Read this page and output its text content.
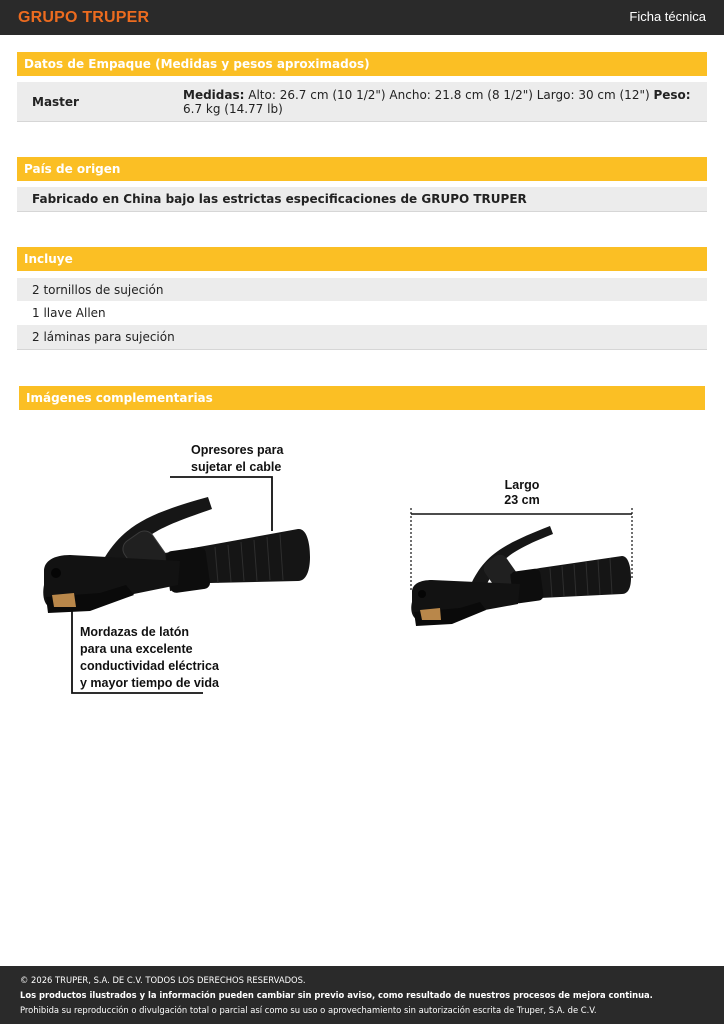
GRUPO TRUPER	Ficha técnica
Datos de Empaque (Medidas y pesos aproximados)
Master	Medidas: Alto: 26.7 cm (10 1/2") Ancho: 21.8 cm (8 1/2") Largo: 30 cm (12") Peso: 6.7 kg (14.77 lb)
País de origen
Fabricado en China bajo las estrictas especificaciones de GRUPO TRUPER
Incluye
2 tornillos de sujeción
1 llave Allen
2 láminas para sujeción
Imágenes complementarias
Opresores para
sujetar el cable
Mordazas de latón
para una excelente
conductividad eléctrica
y mayor tiempo de vida
Largo
23 cm
© 2026 TRUPER, S.A. DE C.V. TODOS LOS DERECHOS RESERVADOS.
Los productos ilustrados y la información pueden cambiar sin previo aviso, como resultado de nuestros procesos de mejora continua.
Prohibida su reproducción o divulgación total o parcial así como su uso o aprovechamiento sin autorización escrita de Truper, S.A. de C.V.
